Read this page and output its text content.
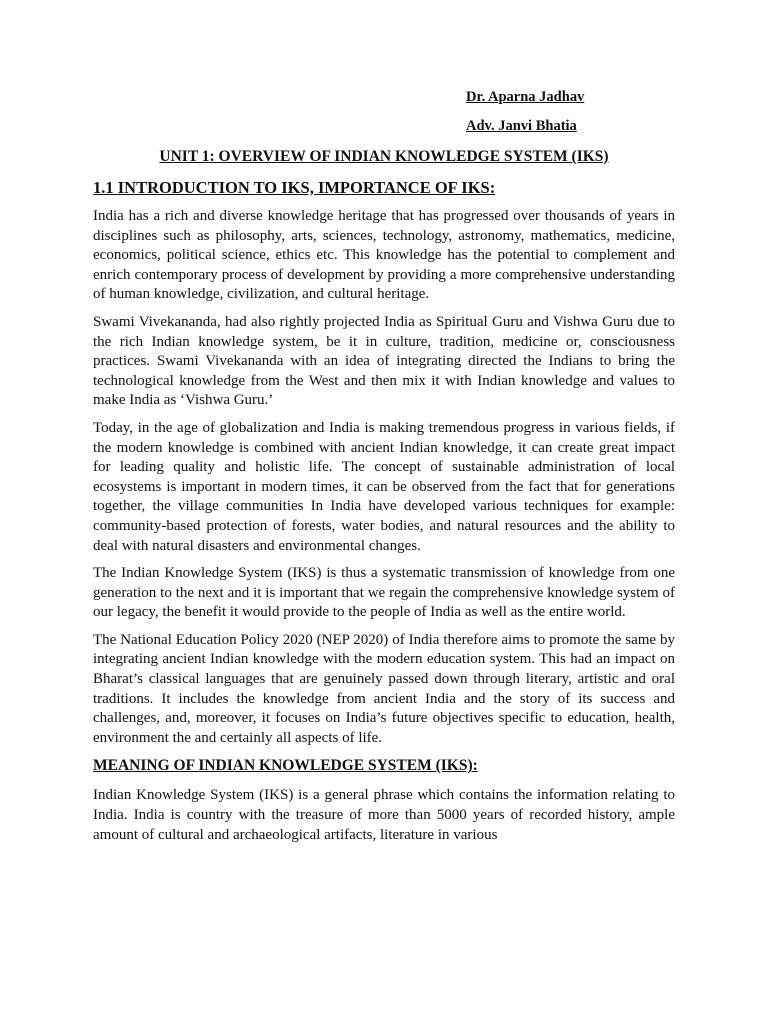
Dr. Aparna Jadhav

Adv. Janvi Bhatia

UNIT 1: OVERVIEW OF INDIAN KNOWLEDGE SYSTEM (IKS)
1.1 INTRODUCTION TO IKS, IMPORTANCE OF IKS:

India has a rich and diverse knowledge heritage that has progressed over thousands of years in disciplines such as philosophy, arts, sciences, technology, astronomy, mathematics, medicine, economics, political science, ethics etc. This knowledge has the potential to complement and enrich contemporary process of development by providing a more comprehensive understanding of human knowledge, civilization, and cultural heritage.

Swami Vivekananda, had also rightly projected India as Spiritual Guru and Vishwa Guru due to the rich Indian knowledge system, be it in culture, tradition, medicine or, consciousness practices. Swami Vivekananda with an idea of integrating directed the Indians to bring the technological knowledge from the West and then mix it with Indian knowledge and values to make India as ‘Vishwa Guru.’

Today, in the age of globalization and India is making tremendous progress in various fields, if the modern knowledge is combined with ancient Indian knowledge, it can create great impact for leading quality and holistic life. The concept of sustainable administration of local ecosystems is important in modern times, it can be observed from the fact that for generations together, the village communities In India have developed various techniques for example: community-based protection of forests, water bodies, and natural resources and the ability to deal with natural disasters and environmental changes.

The Indian Knowledge System (IKS) is thus a systematic transmission of knowledge from one generation to the next and it is important that we regain the comprehensive knowledge system of our legacy, the benefit it would provide to the people of India as well as the entire world.

The National Education Policy 2020 (NEP 2020) of India therefore aims to promote the same by integrating ancient Indian knowledge with the modern education system. This had an impact on Bharat’s classical languages that are genuinely passed down through literary, artistic and oral traditions. It includes the knowledge from ancient India and the story of its success and challenges, and, moreover, it focuses on India’s future objectives specific to education, health, environment the and certainly all aspects of life.

MEANING OF INDIAN KNOWLEDGE SYSTEM (IKS):

Indian Knowledge System (IKS) is a general phrase which contains the information relating to India. India is country with the treasure of more than 5000 years of recorded history, ample amount of cultural and archaeological artifacts, literature in various
